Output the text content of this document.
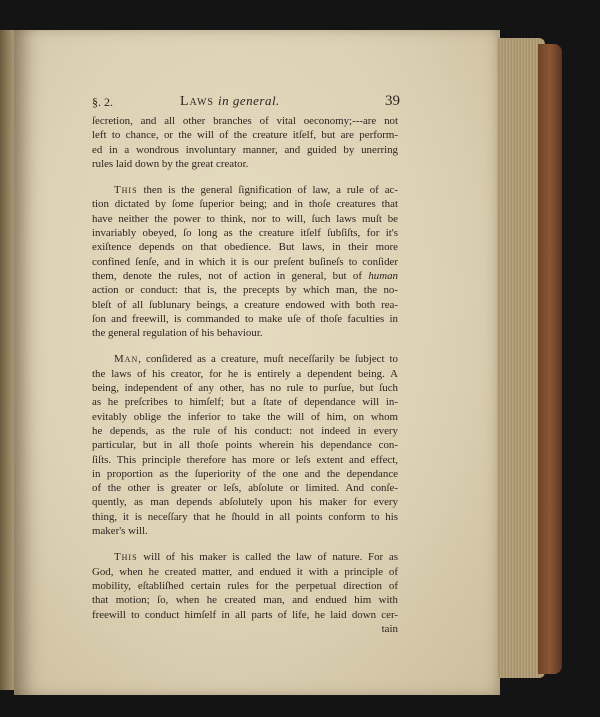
§. 2.	Laws in general.	39

ſecretion, and all other branches of vital oeconomy;---are not
left to chance, or the will of the creature itſelf, but are perform-
ed in a wondrous involuntary manner, and guided by unerring
rules laid down by the great creator.

This then is the general ſignification of law, a rule of ac-
tion dictated by ſome ſuperior being; and in thoſe creatures that
have neither the power to think, nor to will, ſuch laws muſt be
invariably obeyed, ſo long as the creature itſelf ſubſiſts, for it's
exiſtence depends on that obedience. But laws, in their more
confined ſenſe, and in which it is our preſent buſineſs to conſider
them, denote the rules, not of action in general, but of human
action or conduct: that is, the precepts by which man, the no-
bleſt of all ſublunary beings, a creature endowed with both rea-
ſon and freewill, is commanded to make uſe of thoſe faculties in
the general regulation of his behaviour.

Man, conſidered as a creature, muſt neceſſarily be ſubject to
the laws of his creator, for he is entirely a dependent being. A
being, independent of any other, has no rule to purſue, but ſuch
as he preſcribes to himſelf; but a ſtate of dependance will in-
evitably oblige the inferior to take the will of him, on whom
he depends, as the rule of his conduct: not indeed in every
particular, but in all thoſe points wherein his dependance con-
ſiſts. This principle therefore has more or leſs extent and effect,
in proportion as the ſuperiority of the one and the dependance
of the other is greater or leſs, abſolute or limited. And conſe-
quently, as man depends abſolutely upon his maker for every
thing, it is neceſſary that he ſhould in all points conform to his
maker's will.

This will of his maker is called the law of nature. For as
God, when he created matter, and endued it with a principle of
mobility, eſtabliſhed certain rules for the perpetual direction of
that motion; ſo, when he created man, and endued him with
freewill to conduct himſelf in all parts of life, he laid down cer-
tain
